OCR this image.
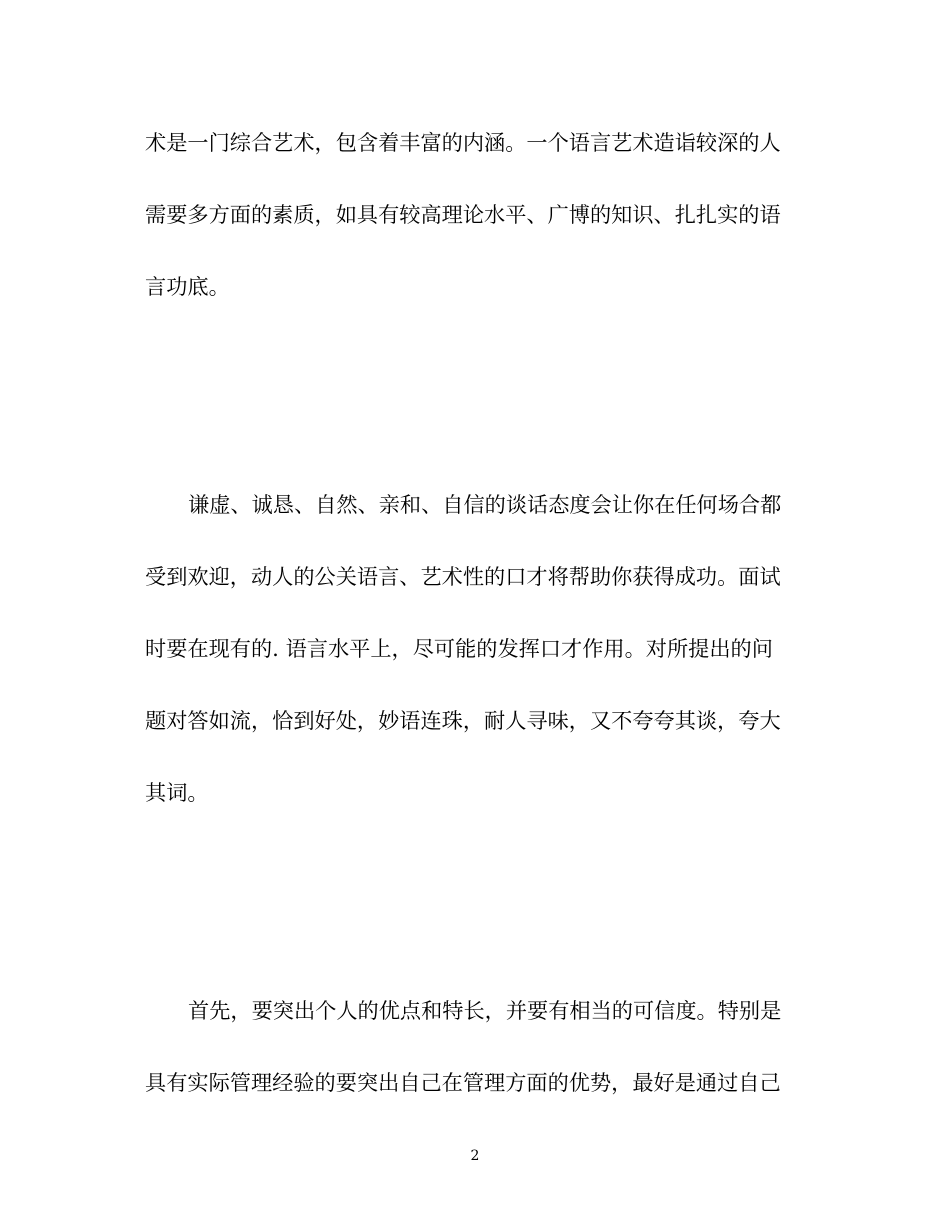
术是一门综合艺术，包含着丰富的内涵。一个语言艺术造诣较深的人
需要多方面的素质，如具有较高理论水平、广博的知识、扎扎实的语
言功底。
谦虚、诚恳、自然、亲和、自信的谈话态度会让你在任何场合都
受到欢迎，动人的公关语言、艺术性的口才将帮助你获得成功。面试
时要在现有的. 语言水平上，尽可能的发挥口才作用。对所提出的问
题对答如流，恰到好处，妙语连珠，耐人寻味，又不夸夸其谈，夸大
其词。
首先，要突出个人的优点和特长，并要有相当的可信度。特别是
具有实际管理经验的要突出自己在管理方面的优势，最好是通过自己
2
